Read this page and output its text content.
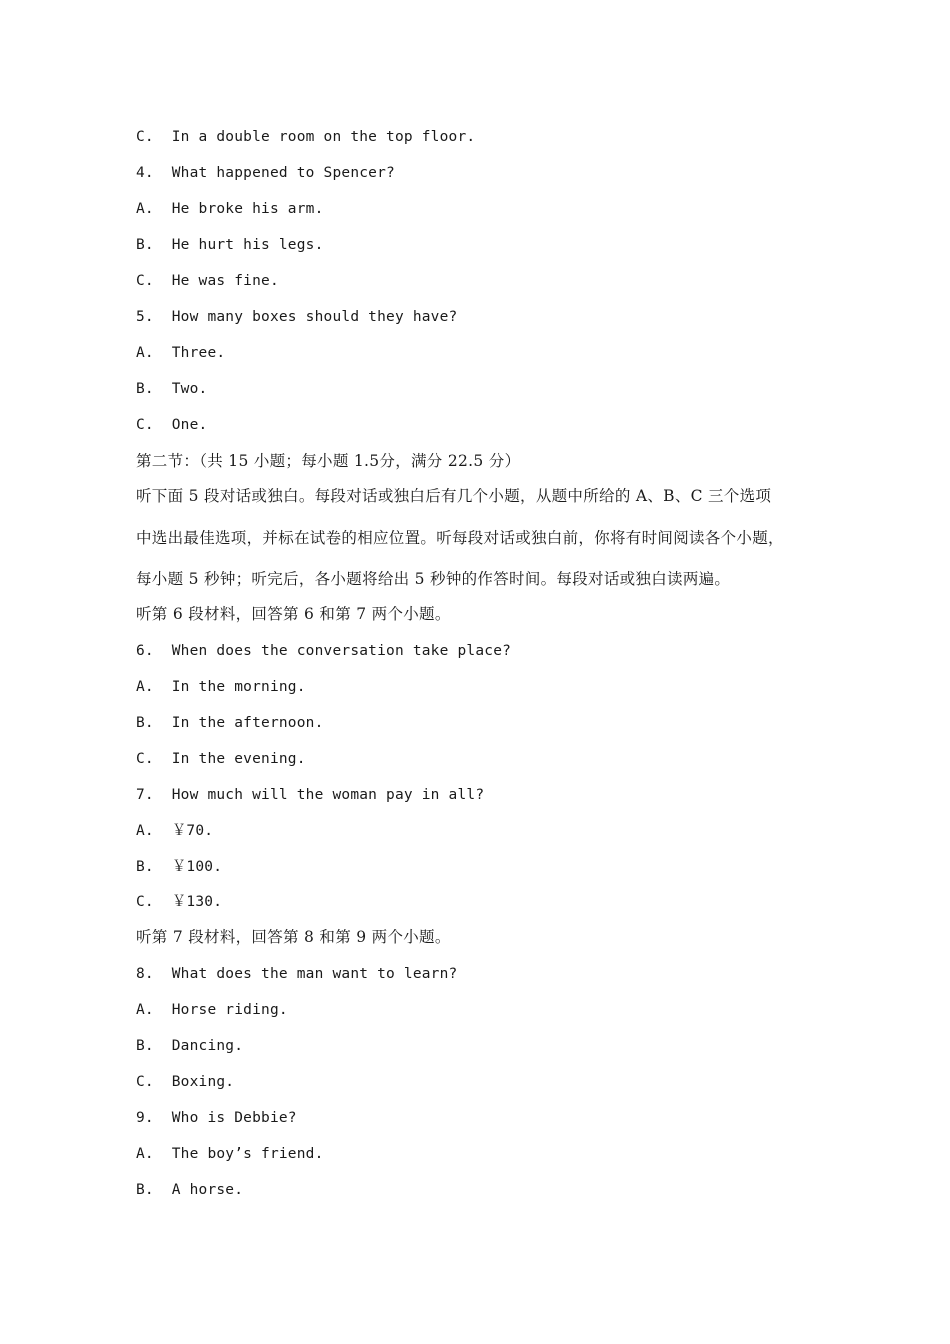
C.  In a double room on the top floor.
4.  What happened to Spencer?
A.  He broke his arm.
B.  He hurt his legs.
C.  He was fine.
5.  How many boxes should they have?
A.  Three.
B.  Two.
C.  One.
第二节：（共 15 小题；每小题 1.5分，满分 22.5 分）
听下面 5 段对话或独白。每段对话或独白后有几个小题，从题中所给的 A、B、C 三个选项
中选出最佳选项，并标在试卷的相应位置。听每段对话或独白前，你将有时间阅读各个小题，
每小题 5 秒钟；听完后，各小题将给出 5 秒钟的作答时间。每段对话或独白读两遍。
听第 6 段材料，回答第 6 和第 7 两个小题。
6.  When does the conversation take place?
A.  In the morning.
B.  In the afternoon.
C.  In the evening.
7.  How much will the woman pay in all?
A.  ￥70.
B.  ￥100.
C.  ￥130.
听第 7 段材料，回答第 8 和第 9 两个小题。
8.  What does the man want to learn?
A.  Horse riding.
B.  Dancing.
C.  Boxing.
9.  Who is Debbie?
A.  The boy’s friend.
B.  A horse.
